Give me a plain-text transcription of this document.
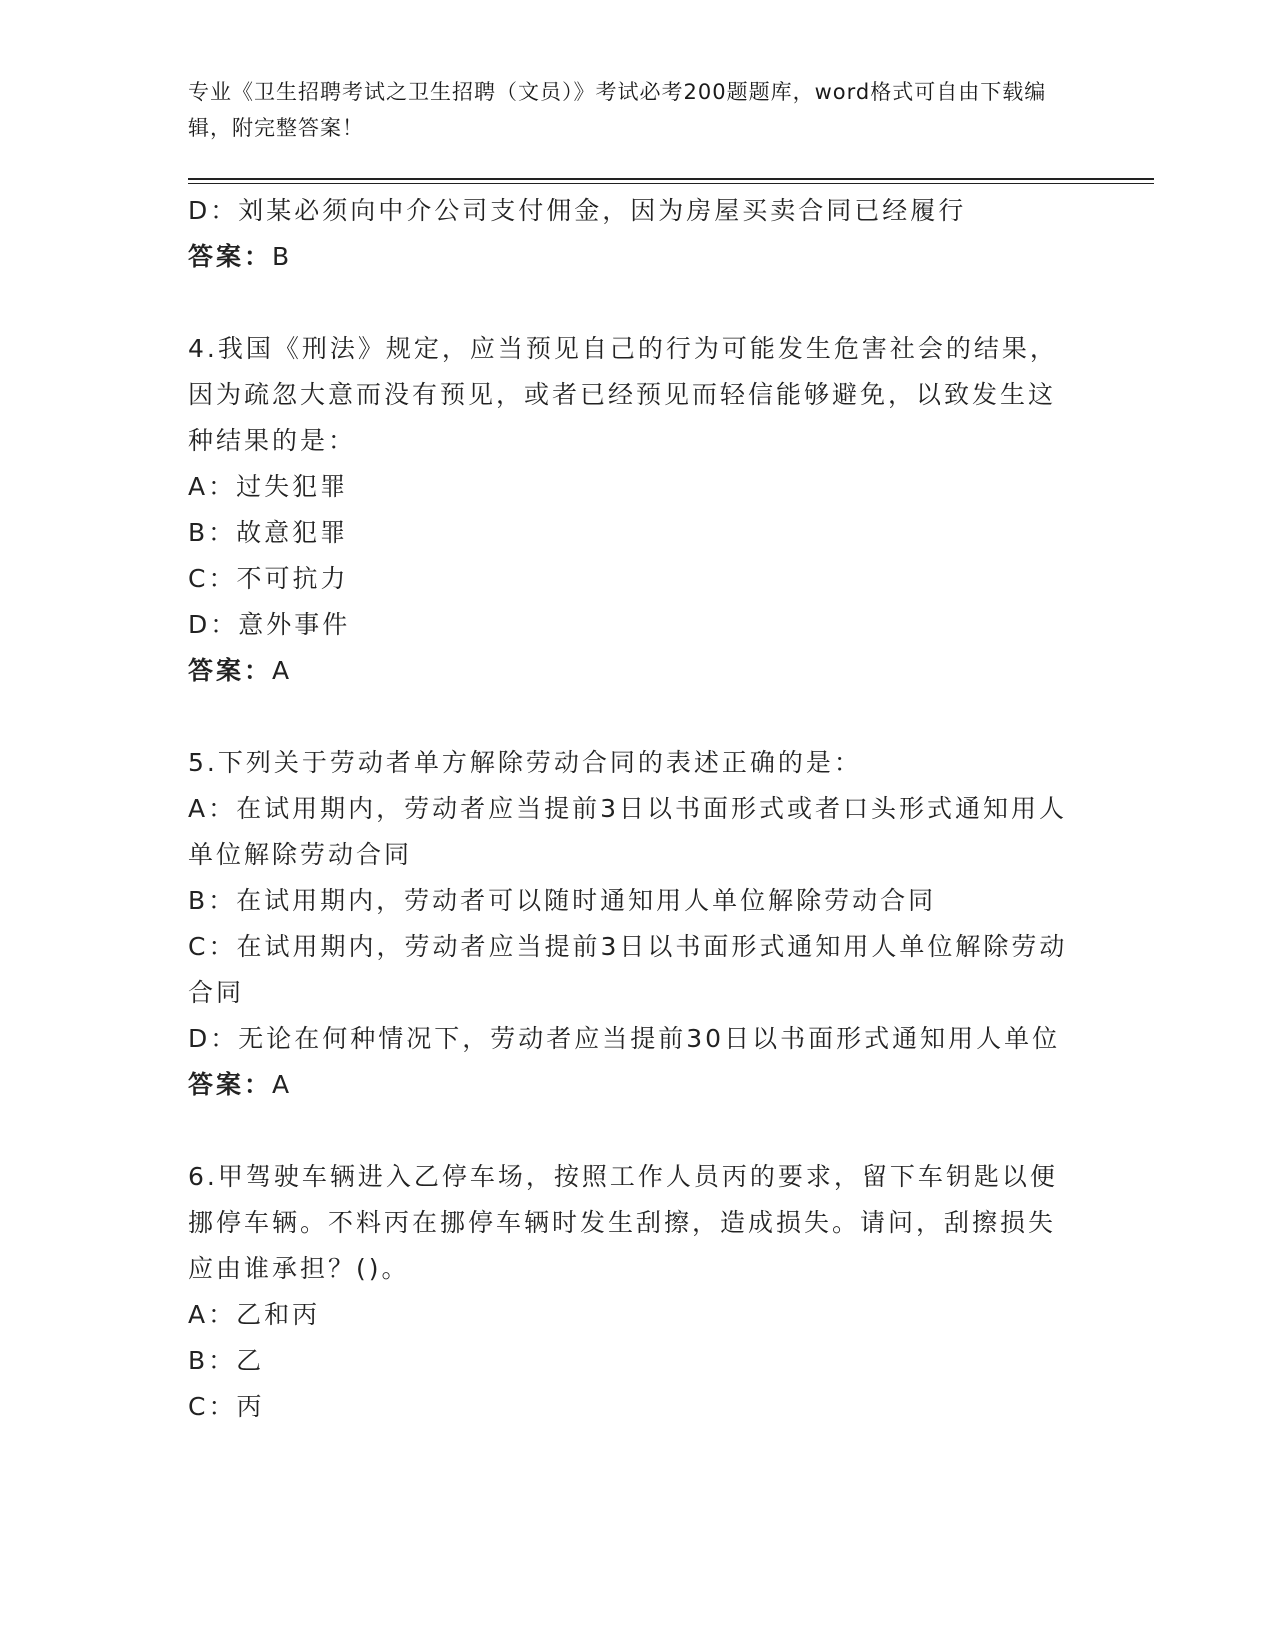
专业《卫生招聘考试之卫生招聘（文员）》考试必考200题题库，word格式可自由下载编辑，附完整答案！
D：刘某必须向中介公司支付佣金，因为房屋买卖合同已经履行
答案：B
4.我国《刑法》规定，应当预见自己的行为可能发生危害社会的结果，因为疏忽大意而没有预见，或者已经预见而轻信能够避免，以致发生这种结果的是：
A：过失犯罪
B：故意犯罪
C：不可抗力
D：意外事件
答案：A
5.下列关于劳动者单方解除劳动合同的表述正确的是：
A：在试用期内，劳动者应当提前3日以书面形式或者口头形式通知用人单位解除劳动合同
B：在试用期内，劳动者可以随时通知用人单位解除劳动合同
C：在试用期内，劳动者应当提前3日以书面形式通知用人单位解除劳动合同
D：无论在何种情况下，劳动者应当提前30日以书面形式通知用人单位
答案：A
6.甲驾驶车辆进入乙停车场，按照工作人员丙的要求，留下车钥匙以便挪停车辆。不料丙在挪停车辆时发生刮擦，造成损失。请问，刮擦损失应由谁承担？()。
A：乙和丙
B：乙
C：丙
